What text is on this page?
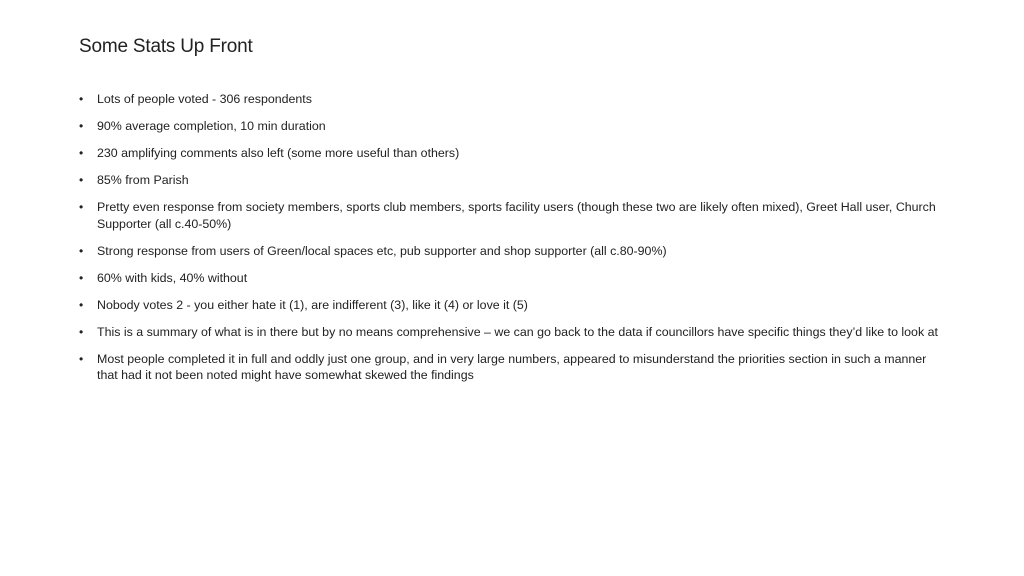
Some Stats Up Front
•	Lots of people voted - 306 respondents
•	90% average completion, 10 min duration
•	230 amplifying comments also left (some more useful than others)
•	85% from Parish
•	Pretty even response from society members, sports club members, sports facility users (though these two are likely often mixed), Greet Hall user, Church Supporter (all c.40-50%)
•	Strong response from users of Green/local spaces etc, pub supporter and shop supporter (all c.80-90%)
•	60% with kids, 40% without
•	Nobody votes 2 - you either hate it (1), are indifferent (3), like it (4) or love it (5)
•	This is a summary of what is in there but by no means comprehensive – we can go back to the data if councillors have specific things they’d like to look at
•	Most people completed it in full and oddly just one group, and in very large numbers, appeared to misunderstand the priorities section in such a manner that had it not been noted might have somewhat skewed the findings
